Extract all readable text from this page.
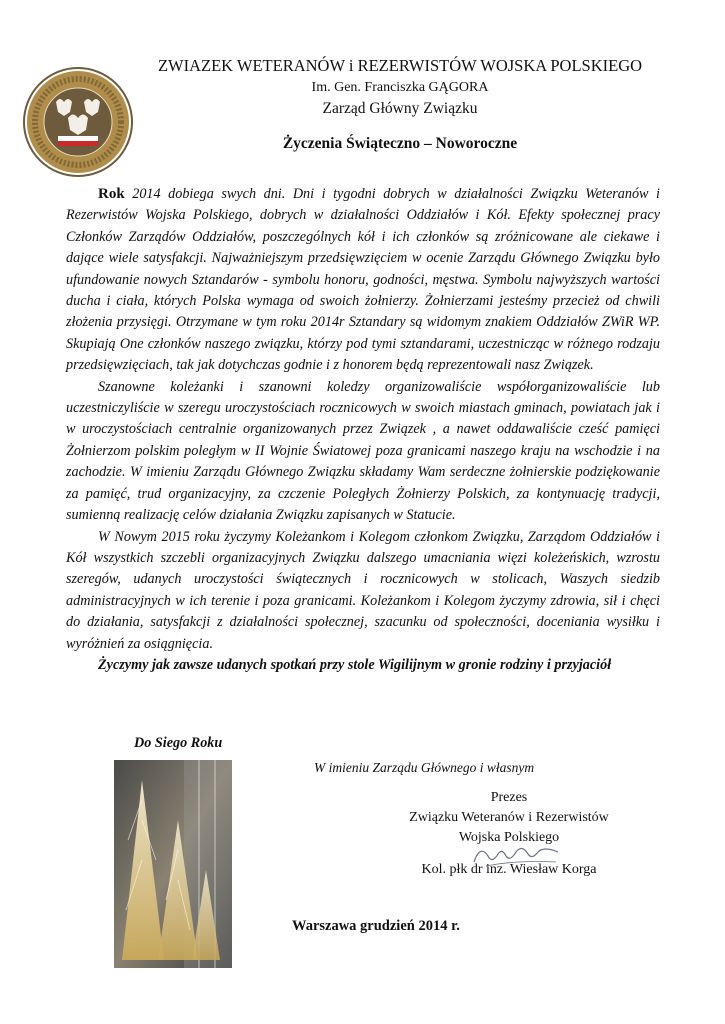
ZWIAZEK WETERANÓW i REZERWISTÓW WOJSKA POLSKIEGO
Im. Gen. Franciszka GĄGORA
Zarząd Główny Związku
Życzenia Świąteczno – Noworoczne

Rok 2014 dobiega swych dni. Dni i tygodni dobrych w działalności Związku Weteranów i Rezerwistów Wojska Polskiego, dobrych w działalności Oddziałów i Kół. Efekty społecznej pracy Członków Zarządów Oddziałów, poszczególnych kół i ich członków są zróżnicowane ale ciekawe i dające wiele satysfakcji. Najważniejszym przedsięwzięciem w ocenie Zarządu Głównego Związku było ufundowanie nowych Sztandarów - symbolu honoru, godności, męstwa. Symbolu najwyższych wartości ducha i ciała, których Polska wymaga od swoich żołnierzy. Żołnierzami jesteśmy przecież od chwili złożenia przysięgi. Otrzymane w tym roku 2014r Sztandary są widomym znakiem Oddziałów ZWiR WP. Skupiają One członków naszego związku, którzy pod tymi sztandarami, uczestnicząc w różnego rodzaju przedsięwzięciach, tak jak dotychczas godnie i z honorem będą reprezentowali nasz Związek.

Szanowne koleżanki i szanowni koledzy organizowaliście współorganizowaliście lub uczestniczyliście w szeregu uroczystościach rocznicowych w swoich miastach gminach, powiatach jak i w uroczystościach centralnie organizowanych przez Związek , a nawet oddawaliście cześć pamięci Żołnierzom polskim poległym w II Wojnie Światowej poza granicami naszego kraju na wschodzie i na zachodzie. W imieniu Zarządu Głównego Związku składamy Wam serdeczne żołnierskie podziękowanie za pamięć, trud organizacyjny, za czczenie Poległych Żołnierzy Polskich, za kontynuację tradycji, sumienną realizację celów działania Związku zapisanych w Statucie.

W Nowym 2015 roku życzymy Koleżankom i Kolegom członkom Związku, Zarządom Oddziałów i Kół wszystkich szczebli organizacyjnych Związku dalszego umacniania więzi koleżeńskich, wzrostu szeregów, udanych uroczystości świątecznych i rocznicowych w stolicach, Waszych siedzib administracyjnych w ich terenie i poza granicami. Koleżankom i Kolegom życzymy zdrowia, sił i chęci do działania, satysfakcji z działalności społecznej, szacunku od społeczności, doceniania wysiłku i wyróżnień za osiągnięcia.

Życzymy jak zawsze udanych spotkań przy stole Wigilijnym w gronie rodziny i przyjaciół

Do Siego Roku
W imieniu Zarządu Głównego i własnym
Prezes
Związku Weteranów i Rezerwistów
Wojska Polskiego
Kol. płk dr inz. Wiesław Korga
Warszawa grudzień 2014 r.
